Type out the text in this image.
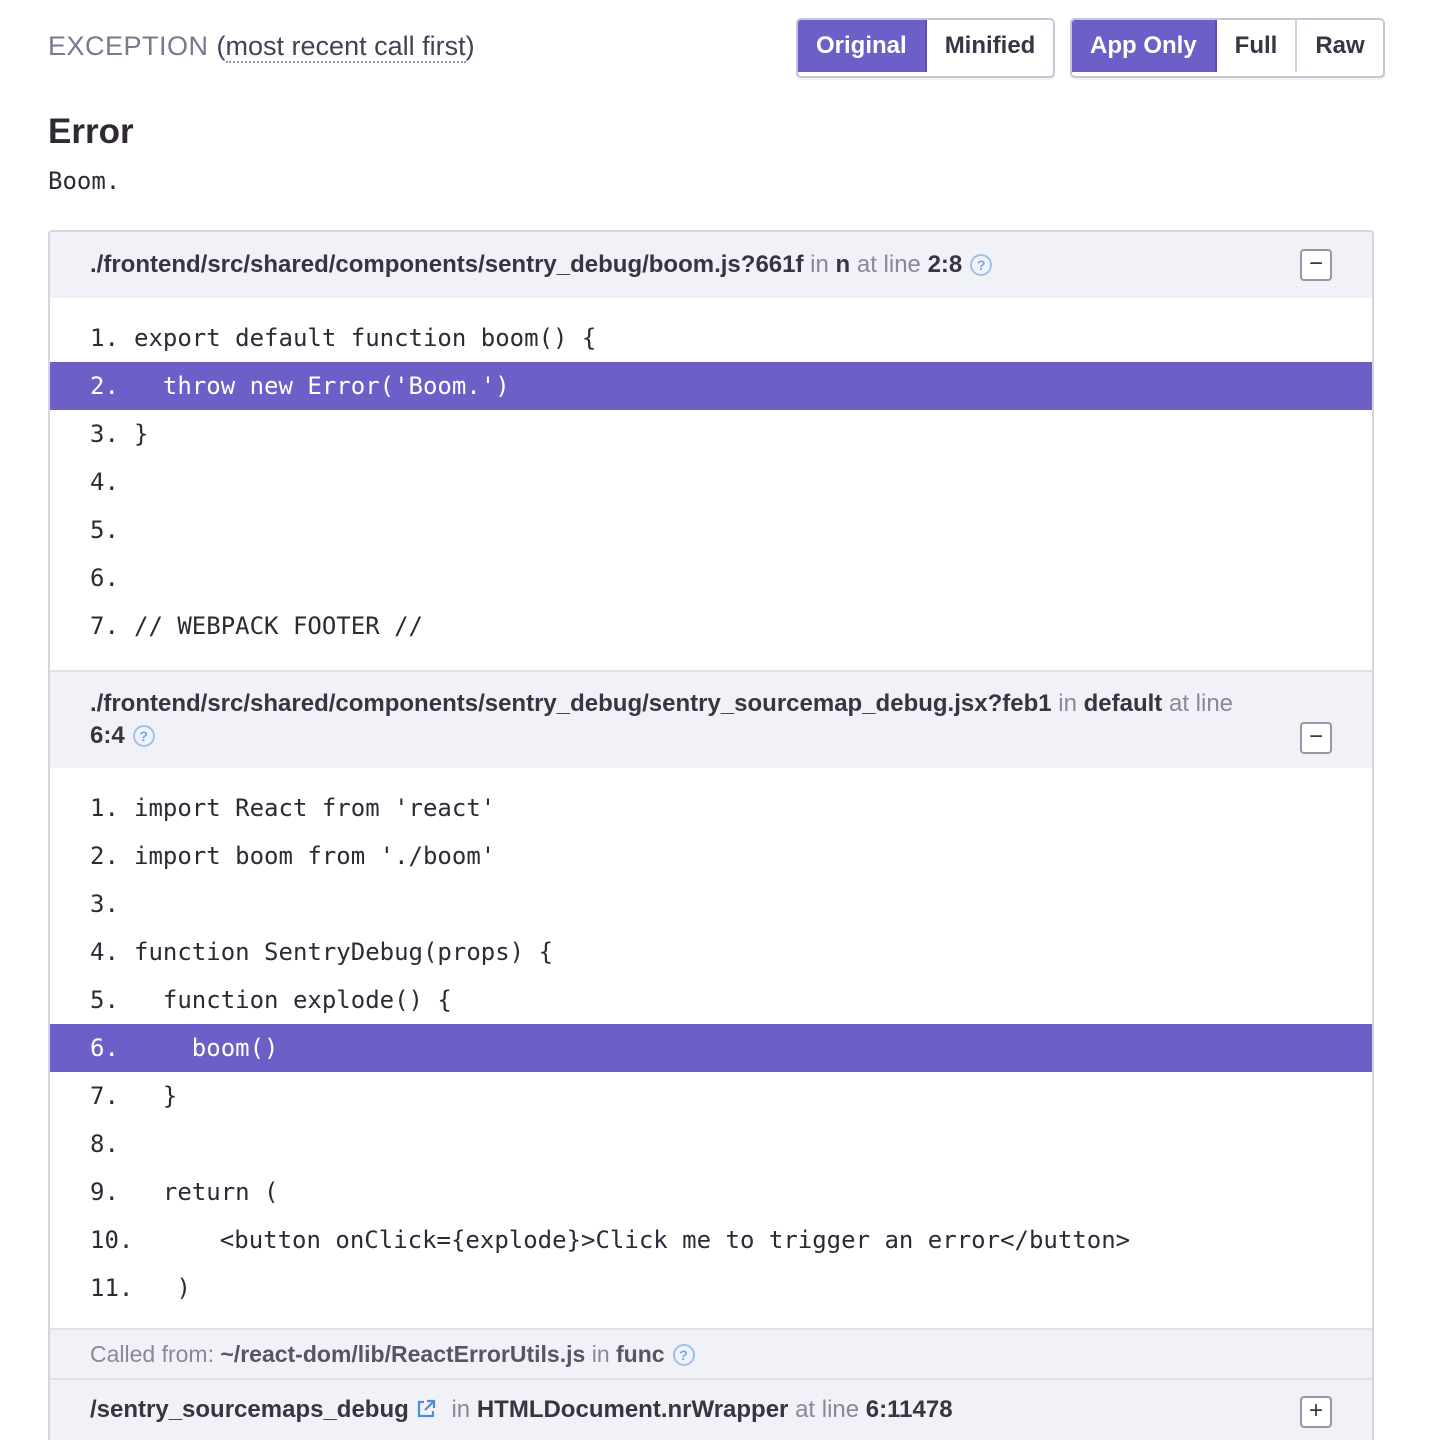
EXCEPTION (most recent call first)	Original	Minified	App Only	Full	Raw
Error
Boom.
./frontend/src/shared/components/sentry_debug/boom.js?661f in n at line 2:8 ?	−
1. export default function boom() {
2.  throw new Error('Boom.')
3. }
4.
5.
6.
7. // WEBPACK FOOTER //
./frontend/src/shared/components/sentry_debug/sentry_sourcemap_debug.jsx?feb1 in default at line 6:4 ?	−
1. import React from 'react'
2. import boom from './boom'
3.
4. function SentryDebug(props) {
5.  function explode() {
6.    boom()
7.  }
8.
9.  return (
10.    <button onClick={explode}>Click me to trigger an error</button>
11. )
Called from: ~/react-dom/lib/ReactErrorUtils.js in func ?
/sentry_sourcemaps_debug in HTMLDocument.nrWrapper at line 6:11478	+
